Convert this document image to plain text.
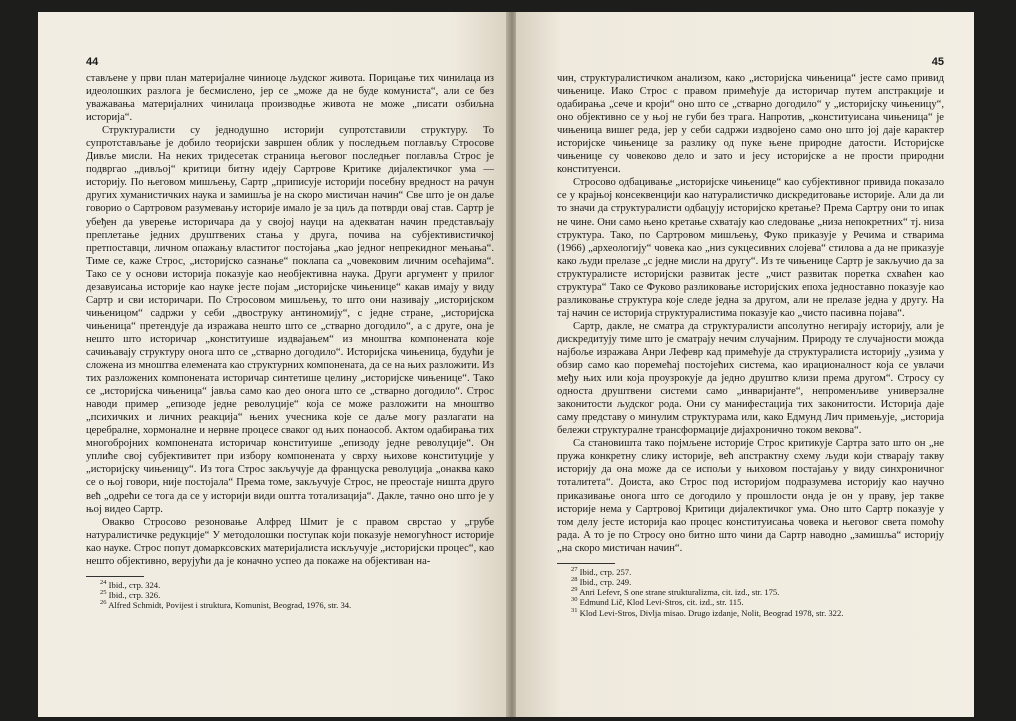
44

стављене у први план материјалне чиниоце људског живота. Порицање тих чинилаца из идеолошких разлога је бесмислено, јер се „може да не буде комуниста“, али се без уважавања материјалних чинилаца производње живота не може „писати озбиљна историја“.

Структуралисти су једнодушно историји супротставили структуру. То супротстављање је добило теоријски завршен облик у последњем поглављу Стросове Дивље мисли. На неких тридесетак страница његовог последњег поглавља Строс је подвргао „дивљој“ критици битну идеју Сартрове Критике дијалектичког ума — историју. По његовом мишљењу, Сартр „приписује историји посебну вредност на рачун других хуманистичких наука и замишља је на скоро мистичан начин“ Све што је он даље говорио о Сартровом разумевању историје имало је за циљ да потврди овај став. Сартр је убеђен да уверење историчара да у својој науци на адекватан начин представљају преплетање једних друштвених стања у друга, почива на субјективистичкој претпоставци, личном опажању властитог постојања „као једног непрекидног мењања“. Тиме се, каже Строс, „историјско сазнање“ поклапа са „човековим личним осећајима“. Тако се у основи историја показује као необјективна наука. Други аргумент у прилог дезавуисања историје као науке јесте појам „историјске чињенице“ какав имају у виду Сартр и сви историчари. По Стросовом мишљењу, то што они називају „историјском чињеницом“ садржи у себи „двоструку антиномију“, с једне стране, „историјска чињеница“ претендује да изражава нешто што се „стварно догодило“, а с друге, она је нешто што историчар „конституише издвајањем“ из мноштва компонената које сачињавају структуру онога што се „стварно догодило“. Историјска чињеница, будући је сложена из мноштва елемената као структурних компонената, да се на њих разложити. Из тих разложених компонената историчар синтетише целину „историјске чињенице“. Тако се „историјска чињеница“ јавља само као део онога што се „стварно догодило“. Строс наводи пример „епизоде једне револуције“ која се може разложити на мноштво „психичких и личних реакција“ њених учесника које се даље могу разлагати на церебралне, хормоналне и нервне процесе сваког од њих понаособ. Актом одабирања тих многобројних компонената историчар конституише „епизоду једне револуције“. Он уплиће свој субјективитет при избору компонената у сврху њихове конституције у „историјску чињеницу“. Из тога Строс закључује да француска револуција „онаква како се о њој говори, није постојала“ Према томе, закључује Строс, не преостаје ништа друго већ „одрећи се тога да се у историји види оштта тотализација“. Дакле, тачно оно што је у њој видео Сартр.

Овакво Стросово резоновање Алфред Шмит је с правом сврстао у „грубе натуралистичке редукције“ У методолошки поступак који показује немогућност историје као науке. Строс попут домарксовских материјалиста искључује „историјски процес“, као нешто објективно, верујући да је коначно успео да покаже на објективан на-

$^{24}$ Ibid., стр. 324.

$^{25}$ Ibid., стр. 326.

$^{26}$ Alfred Schmidt, Povijest i struktura, Komunist, Beograd, 1976, str. 34.

45

чин, структуралистичком анализом, како „историјска чињеница“ јесте само привид чињенице. Иако Строс с правом примећује да историчар путем апстракције и одабирања „сече и кроји“ оно што се „стварно догодило“ у „историјску чињеницу“, оно објективно се у њој не губи без трага. Напротив, „конституисана чињеница“ је чињеница вишег реда, јер у себи садржи издвојено само оно што јој даје карактер историјске чињенице за разлику од пуке њене природне датости. Историјске чињенице су човеково дело и зато и јесу историјске а не прости природни конституенси.

Стросово одбацивање „историјске чињенице“ као субјективног привида показало се у крајњој консеквенцији као натуралистичко дискредитовање историје. Али да ли то значи да структуралисти одбацују историјско кретање? Према Сартру они то ипак не чине. Они само њено кретање схватају као следовање „низа непокретних“ тј. низа структура. Тако, по Сартровом мишљењу, Фуко приказује у Речима и стварима (1966) „археологију“ човека као „низ сукцесивних слојева“ стилова а да не приказује како људи прелазе „с једне мисли на другу“. Из те чињенице Сартр је закључио да за структуралисте историјски развитак јесте „чист развитак поретка схваћен као структура“ Тако се Фуково разликовање историјских епоха једноставно показује као разликовање структура које следе једна за другом, али не прелазе једна у другу. На тај начин се историја структуралистима показује као „чисто пасивна појава“.

Сартр, дакле, не сматра да структуралисти апсолутно негирају историју, али је дискредитују тиме што је сматрају нечим случајним. Природу те случајности можда најбоље изражава Анри Лефевр кад примећује да структуралиста историју „узима у обзир само као поремећај постојећих система, као ирационалност која се увлачи међу њих или која проузрокује да једно друштво клизи према другом“. Стросу су односта друштвени системи само „инваријанте“, непроменљиве универзалне законитости људског рода. Они су манифестација тих законитости. Историја даје саму представу о минулим структурама или, како Едмунд Лич примењује, „историја бележи структуралне трансформације дијахронично током векова“.

Са становишта тако појмљене историје Строс критикује Сартра зато што он „не пружа конкретну слику историје, већ апстрактну схему људи који стварају такву историју да она може да се испољи у њиховом постајању у виду синхроничног тоталитета“. Доиста, ако Строс под историјом подразумева историју као научно приказивање онога што се догодило у прошлости онда је он у праву, јер такве историје нема у Сартровој Критици дијалектичког ума. Оно што Сартр показује у том делу јесте историја као процес конституисања човека и његовог света помоћу рада. А то је по Стросу оно битно што чини да Сартр наводно „замишља“ историју „на скоро мистичан начин“.

$^{27}$ Ibid., стр. 257.

$^{28}$ Ibid., стр. 249.

$^{29}$ Anri Lefevr, S one strane strukturalizma, cit. izd., str. 175.

$^{30}$ Edmund Lič, Klod Levi-Stros, cit. izd., str. 115.

$^{31}$ Klod Levi-Stros, Divlja misao. Drugo izdanje, Nolit, Beograd 1978, str. 322.
